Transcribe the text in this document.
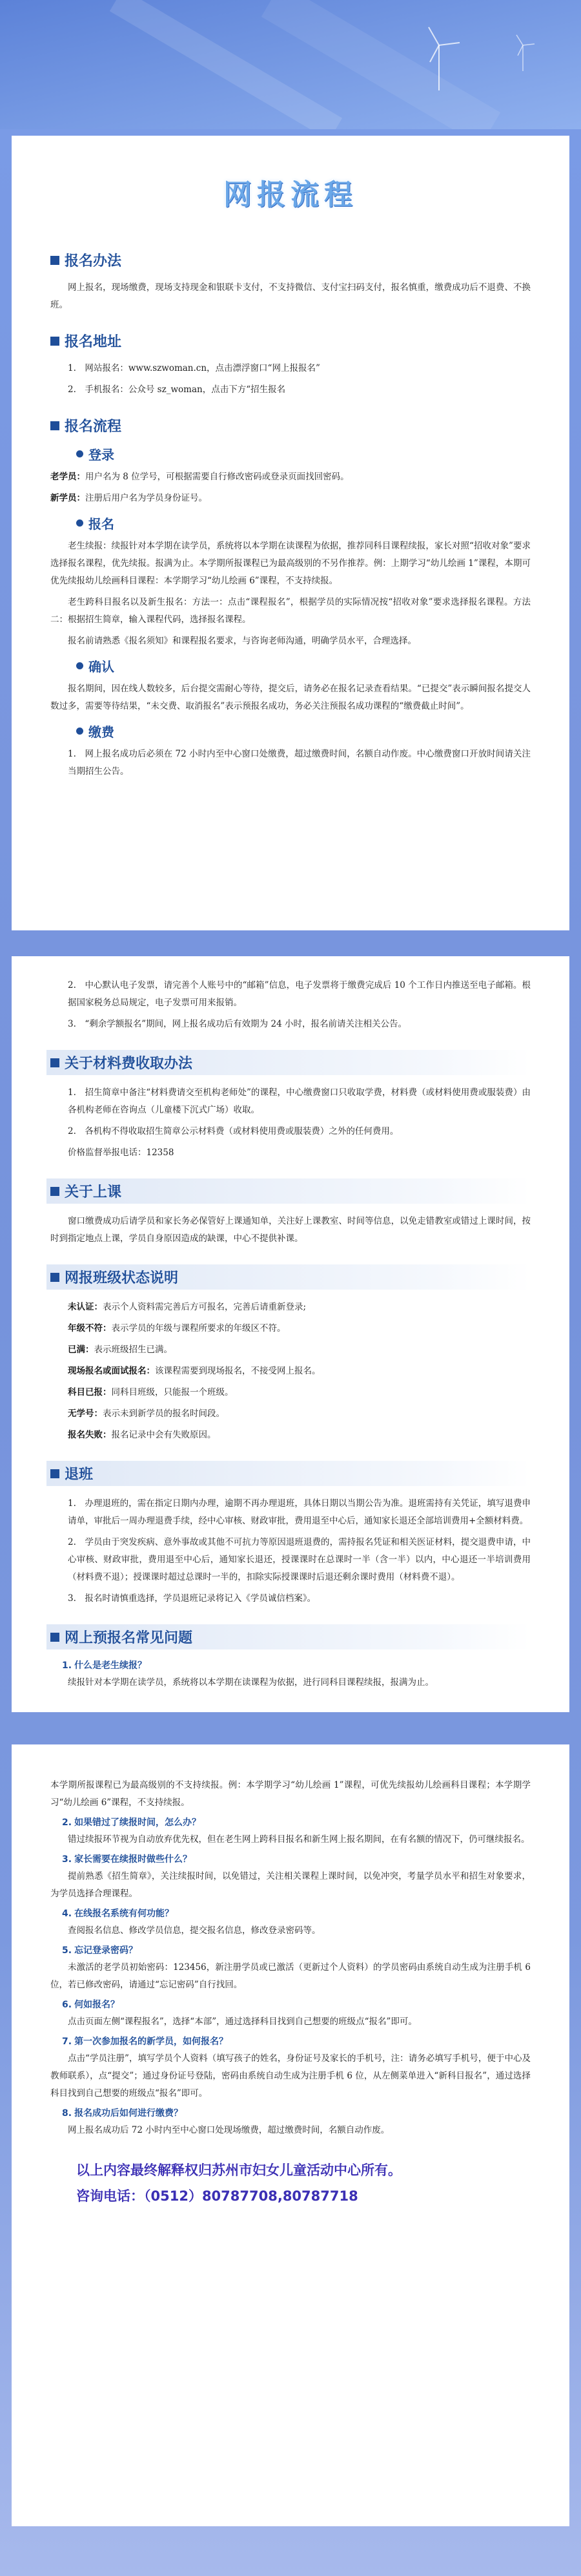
网报流程
报名办法

网上报名，现场缴费，现场支持现金和银联卡支付，不支持微信、支付宝扫码支付，报名慎重，缴费成功后不退费、不换班。

报名地址

1.　网站报名：www.szwoman.cn，点击漂浮窗口“网上报报名”

2.　手机报名：公众号 sz_woman，点击下方“招生报名

报名流程
登录

老学员：用户名为 8 位学号，可根据需要自行修改密码或登录页面找回密码。

新学员：注册后用户名为学员身份证号。

报名

老生续报：续报针对本学期在读学员，系统将以本学期在读课程为依据，推荐同科目课程续报，家长对照“招收对象”要求选择报名课程，优先续报。报满为止。本学期所报课程已为最高级别的不另作推荐。例：上期学习“幼儿绘画 1”课程，本期可优先续报幼儿绘画科目课程：本学期学习“幼儿绘画 6”课程，不支持续报。

老生跨科目报名以及新生报名：方法一：点击“课程报名”，根据学员的实际情况按“招收对象”要求选择报名课程。方法二：根据招生简章，输入课程代码，选择报名课程。

报名前请熟悉《报名须知》和课程报名要求，与咨询老师沟通，明确学员水平，合理选择。

确认

报名期间，因在线人数较多，后台提交需耐心等待，提交后，请务必在报名记录查看结果。“已提交”表示瞬间报名提交人数过多，需要等待结果，“未交费、取消报名”表示预报名成功，务必关注预报名成功课程的“缴费截止时间”。

缴费

1.　网上报名成功后必须在 72 小时内至中心窗口处缴费，超过缴费时间，名额自动作废。中心缴费窗口开放时间请关注当期招生公告。

2.　中心默认电子发票，请完善个人账号中的“邮箱”信息，电子发票将于缴费完成后 10 个工作日内推送至电子邮箱。根据国家税务总局规定，电子发票可用来报销。

3.　“剩余学额报名”期间，网上报名成功后有效期为 24 小时，报名前请关注相关公告。

关于材料费收取办法

1.　招生简章中备注“材料费请交至机构老师处”的课程，中心缴费窗口只收取学费，材料费（或材料使用费或服装费）由各机构老师在咨询点（儿童楼下沉式广场）收取。

2.　各机构不得收取招生简章公示材料费（或材料使用费或服装费）之外的任何费用。

价格监督举报电话：12358

关于上课

窗口缴费成功后请学员和家长务必保管好上课通知单，关注好上课教室、时间等信息，以免走错教室或错过上课时间，按时到指定地点上课，学员自身原因造成的缺课，中心不提供补课。

网报班级状态说明

未认证：表示个人资料需完善后方可报名，完善后请重新登录;

年级不符：表示学员的年级与课程所要求的年级区不符。

已满：表示班级招生已满。

现场报名或面试报名：该课程需要到现场报名，不接受网上报名。

科目已报：同科目班级，只能报一个班级。

无学号：表示未到新学员的报名时间段。

报名失败：报名记录中会有失败原因。

退班

1.　办理退班的，需在指定日期内办理，逾期不再办理退班，具体日期以当期公告为准。退班需持有关凭证，填写退费申请单，审批后一周办理退费手续，经中心审核、财政审批，费用退至中心后，通知家长退还全部培训费用+全额材料费。

2.　学员由于突发疾病、意外事故或其他不可抗力等原因退班退费的，需持报名凭证和相关医证材料，提交退费申请，中心审核、财政审批，费用退至中心后，通知家长退还，授课课时在总课时一半（含一半）以内，中心退还一半培训费用（材料费不退）；授课课时超过总课时一半的，扣除实际授课课时后退还剩余课时费用（材料费不退）。

3.　报名时请慎重选择，学员退班记录将记入《学员诚信档案》。

网上预报名常见问题
1. 什么是老生续报？

续报针对本学期在读学员，系统将以本学期在读课程为依据，进行同科目课程续报，报满为止。

本学期所报课程已为最高级别的不支持续报。例：本学期学习“幼儿绘画 1”课程，可优先续报幼儿绘画科目课程；本学期学习“幼儿绘画 6”课程，不支持续报。

2. 如果错过了续报时间，怎么办？

错过续报环节视为自动放弃优先权，但在老生网上跨科目报名和新生网上报名期间，在有名额的情况下，仍可继续报名。

3. 家长需要在续报时做些什么？

提前熟悉《招生简章》，关注续报时间，以免错过，关注相关课程上课时间，以免冲突，考量学员水平和招生对象要求，为学员选择合理课程。

4. 在线报名系统有何功能？

查阅报名信息、修改学员信息，提交报名信息，修改登录密码等。

5. 忘记登录密码？

未激活的老学员初始密码：123456，新注册学员或已激活（更新过个人资料）的学员密码由系统自动生成为注册手机 6 位，若已修改密码，请通过“忘记密码”自行找回。

6. 何如报名？

点击页面左侧“课程报名”，选择“本部”，通过选择科目找到自己想要的班级点“报名”即可。

7. 第一次参加报名的新学员，如何报名？

点击“学员注册”，填写学员个人资料（填写孩子的姓名，身份证号及家长的手机号，注：请务必填写手机号，便于中心及教师联系），点“提交”；通过身份证号登陆，密码由系统自动生成为注册手机 6 位，从左侧菜单进入“新科目报名”，通过选择科目找到自己想要的班级点“报名”即可。

8. 报名成功后如何进行缴费？

网上报名成功后 72 小时内至中心窗口处现场缴费，超过缴费时间，名额自动作废。

以上内容最终解释权归苏州市妇女儿童活动中心所有。
咨询电话：（0512）80787708,80787718
